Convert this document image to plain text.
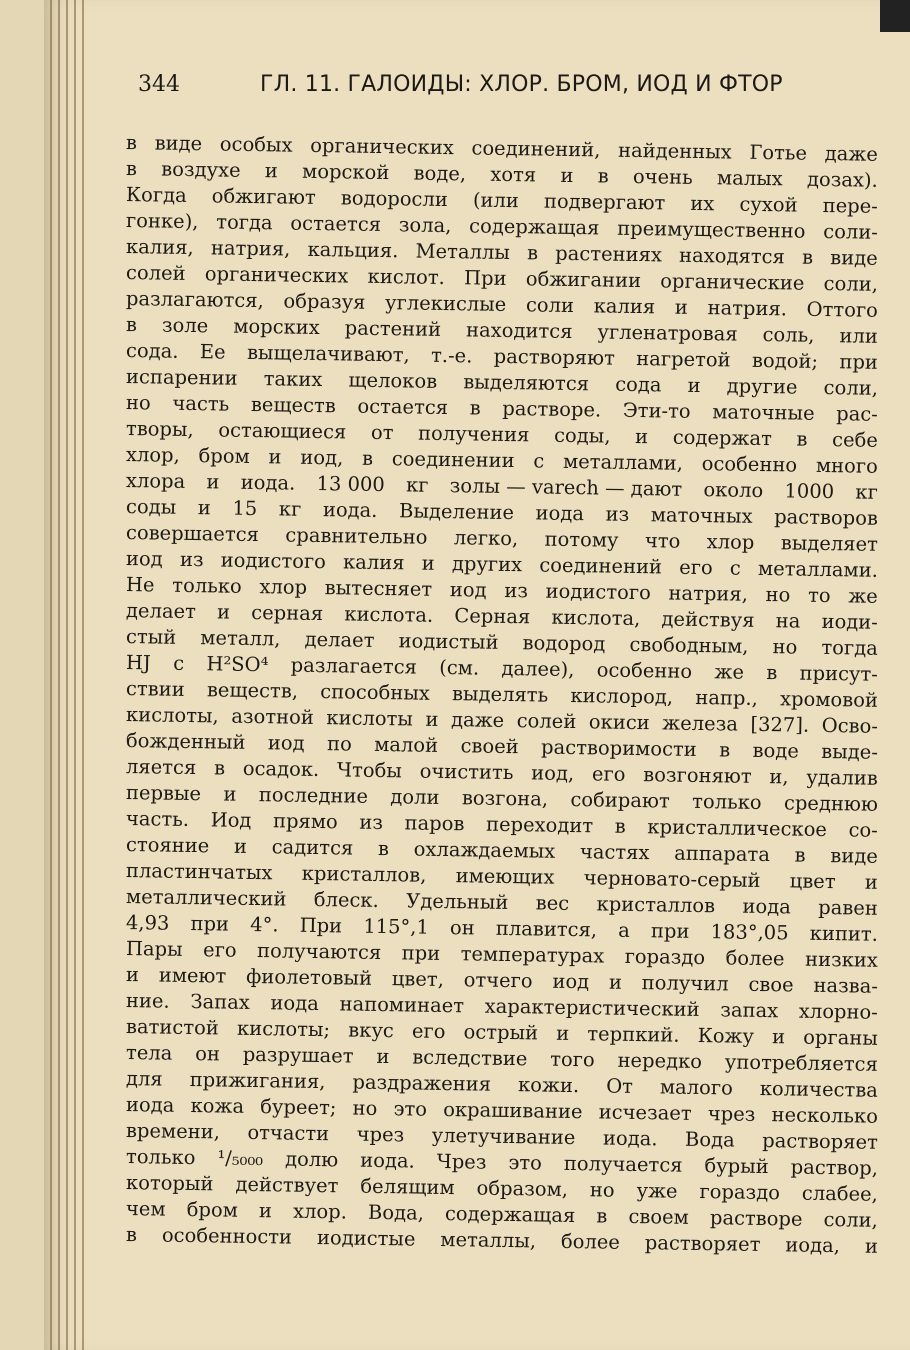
344	ГЛ. 11. ГАЛОИДЫ: ХЛОР. БРОМ, ИОД И ФТОР
в виде особых органических соединений, найденных Готье даже
в воздухе и морской воде, хотя и в очень малых дозах).
Когда обжигают водоросли (или подвергают их сухой пере-
гонке), тогда остается зола, содержащая преимущественно соли-
калия, натрия, кальция. Металлы в растениях находятся в виде
солей органических кислот. При обжигании органические соли,
разлагаются, образуя углекислые соли калия и натрия. Оттого
в золе морских растений находится угленатровая соль, или
сода. Ее выщелачивают, т.-е. растворяют нагретой водой; при
испарении таких щелоков выделяются сода и другие соли,
но часть веществ остается в растворе. Эти-то маточные рас-
творы, остающиеся от получения соды, и содержат в себе
хлор, бром и иод, в соединении с металлами, особенно много
хлора и иода. 13 000 кг золы — varech — дают около 1000 кг
соды и 15 кг иода. Выделение иода из маточных растворов
совершается сравнительно легко, потому что хлор выделяет
иод из иодистого калия и других соединений его с металлами.
Не только хлор вытесняет иод из иодистого натрия, но то же
делает и серная кислота. Серная кислота, действуя на иоди-
стый металл, делает иодистый водород свободным, но тогда
HJ с H²SO⁴ разлагается (см. далее), особенно же в присут-
ствии веществ, способных выделять кислород, напр., хромовой
кислоты, азотной кислоты и даже солей окиси железа [327]. Осво-
божденный иод по малой своей растворимости в воде выде-
ляется в осадок. Чтобы очистить иод, его возгоняют и, удалив
первые и последние доли возгона, собирают только среднюю
часть. Иод прямо из паров переходит в кристаллическое со-
стояние и садится в охлаждаемых частях аппарата в виде
пластинчатых кристаллов, имеющих черновато-серый цвет и
металлический блеск. Удельный вес кристаллов иода равен
4,93 при 4°. При 115°,1 он плавится, а при 183°,05 кипит.
Пары его получаются при температурах гораздо более низких
и имеют фиолетовый цвет, отчего иод и получил свое назва-
ние. Запах иода напоминает характеристический запах хлорно-
ватистой кислоты; вкус его острый и терпкий. Кожу и органы
тела он разрушает и вследствие того нередко употребляется
для прижигания, раздражения кожи. От малого количества
иода кожа буреет; но это окрашивание исчезает чрез несколько
времени, отчасти чрез улетучивание иода. Вода растворяет
только ¹/₅₀₀₀ долю иода. Чрез это получается бурый раствор,
который действует белящим образом, но уже гораздо слабее,
чем бром и хлор. Вода, содержащая в своем растворе соли,
в особенности иодистые металлы, более растворяет иода, и
